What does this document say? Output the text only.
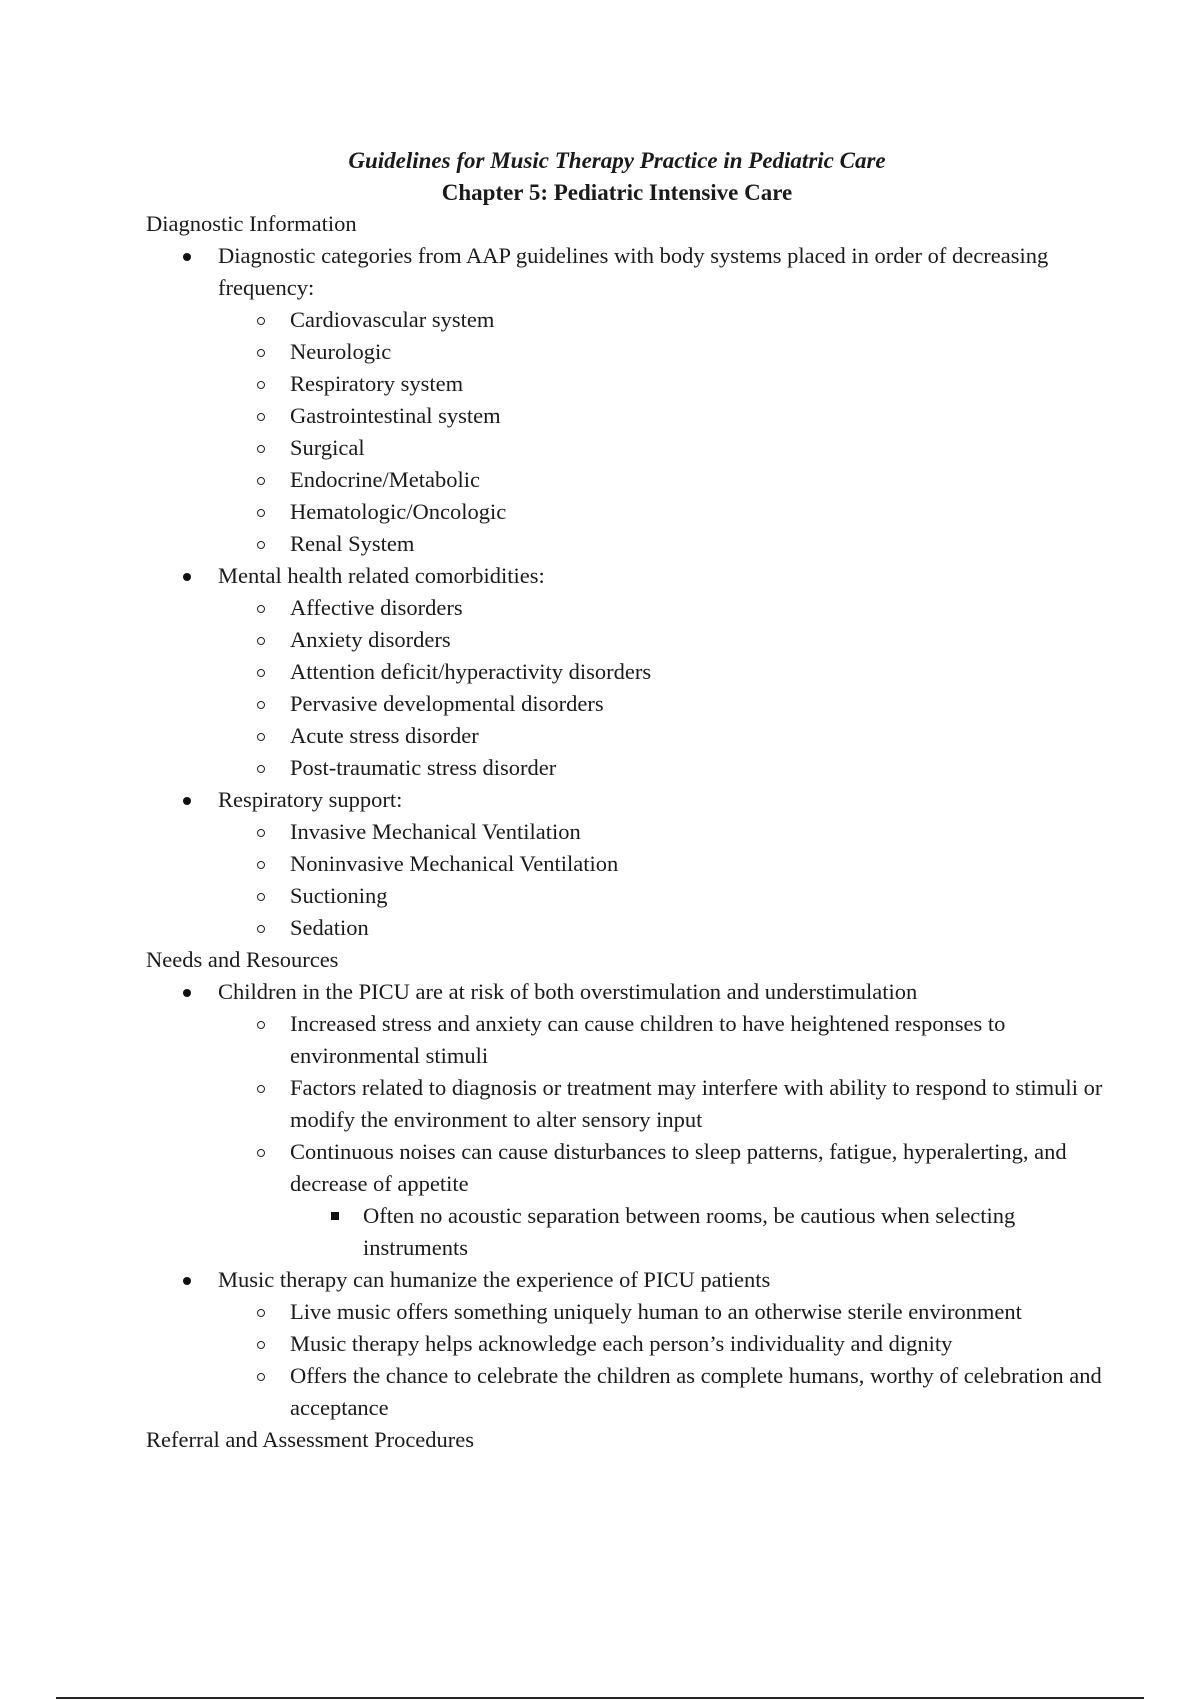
Guidelines for Music Therapy Practice in Pediatric Care
Chapter 5: Pediatric Intensive Care
Diagnostic Information
Diagnostic categories from AAP guidelines with body systems placed in order of decreasing frequency:
Cardiovascular system
Neurologic
Respiratory system
Gastrointestinal system
Surgical
Endocrine/Metabolic
Hematologic/Oncologic
Renal System
Mental health related comorbidities:
Affective disorders
Anxiety disorders
Attention deficit/hyperactivity disorders
Pervasive developmental disorders
Acute stress disorder
Post-traumatic stress disorder
Respiratory support:
Invasive Mechanical Ventilation
Noninvasive Mechanical Ventilation
Suctioning
Sedation
Needs and Resources
Children in the PICU are at risk of both overstimulation and understimulation
Increased stress and anxiety can cause children to have heightened responses to environmental stimuli
Factors related to diagnosis or treatment may interfere with ability to respond to stimuli or modify the environment to alter sensory input
Continuous noises can cause disturbances to sleep patterns, fatigue, hyperalerting, and decrease of appetite
Often no acoustic separation between rooms, be cautious when selecting instruments
Music therapy can humanize the experience of PICU patients
Live music offers something uniquely human to an otherwise sterile environment
Music therapy helps acknowledge each person’s individuality and dignity
Offers the chance to celebrate the children as complete humans, worthy of celebration and acceptance
Referral and Assessment Procedures
